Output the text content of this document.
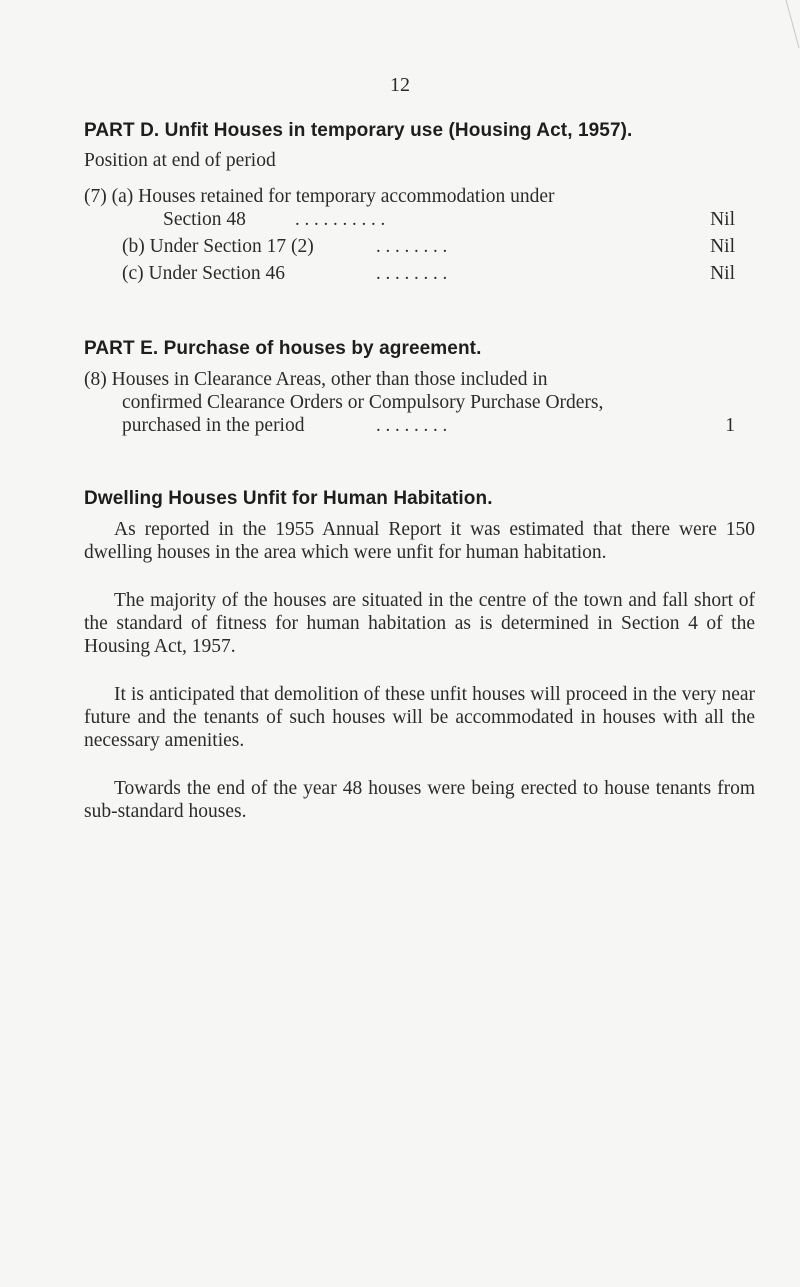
12
PART D. Unfit Houses in temporary use (Housing Act, 1957).
Position at end of period
(7) (a) Houses retained for temporary accommodation under
Section 48	. . . . . . . . . .	Nil
(b) Under Section 17 (2)	. . . . . . . .	Nil
(c) Under Section 46	. . . . . . . .	Nil
PART E. Purchase of houses by agreement.
(8) Houses in Clearance Areas, other than those included in
confirmed Clearance Orders or Compulsory Purchase Orders,
purchased in the period	. . . . . . . .	1
Dwelling Houses Unfit for Human Habitation.
As reported in the 1955 Annual Report it was estimated that there were 150 dwelling houses in the area which were unfit for human habitation.
The majority of the houses are situated in the centre of the town and fall short of the standard of fitness for human habitation as is determined in Section 4 of the Housing Act, 1957.
It is anticipated that demolition of these unfit houses will proceed in the very near future and the tenants of such houses will be accommodated in houses with all the necessary amenities.
Towards the end of the year 48 houses were being erected to house tenants from sub-standard houses.
